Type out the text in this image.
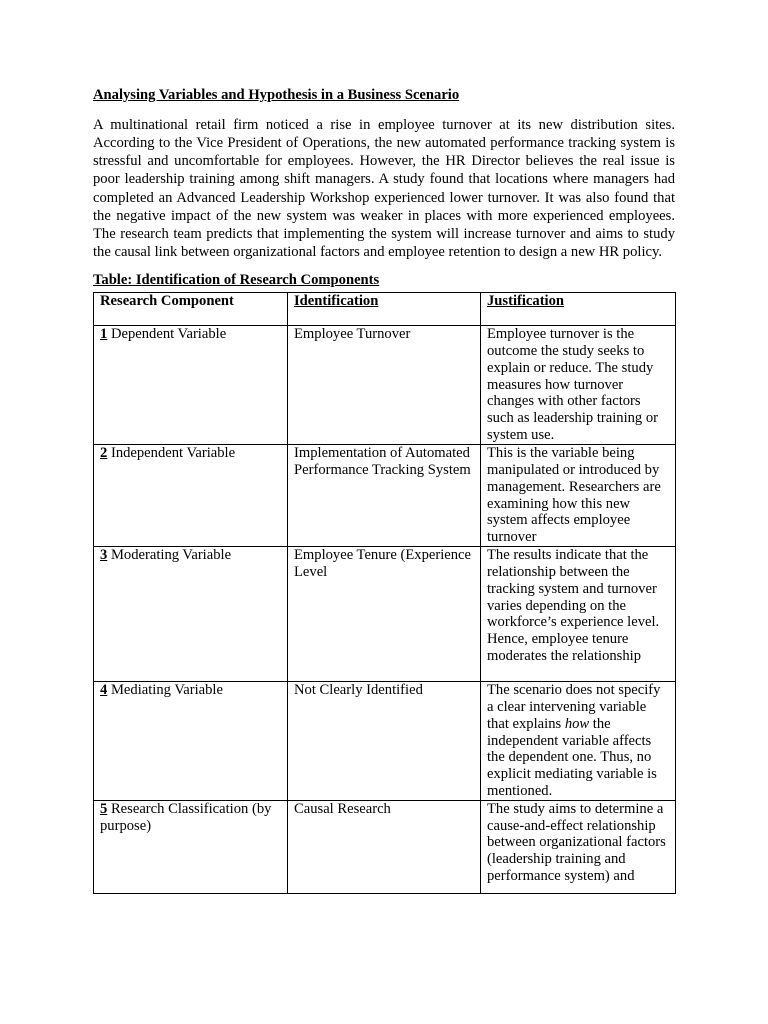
Analysing Variables and Hypothesis in a Business Scenario

A multinational retail firm noticed a rise in employee turnover at its new distribution sites. According to the Vice President of Operations, the new automated performance tracking system is stressful and uncomfortable for employees. However, the HR Director believes the real issue is poor leadership training among shift managers. A study found that locations where managers had completed an Advanced Leadership Workshop experienced lower turnover. It was also found that the negative impact of the new system was weaker in places with more experienced employees. The research team predicts that implementing the system will increase turnover and aims to study the causal link between organizational factors and employee retention to design a new HR policy.

Table: Identification of Research Components
Research Component	Identification	Justification
1 Dependent Variable	Employee Turnover	Employee turnover is the outcome the study seeks to explain or reduce. The study measures how turnover changes with other factors such as leadership training or system use.
2 Independent Variable	Implementation of Automated Performance Tracking System	This is the variable being manipulated or introduced by management. Researchers are examining how this new system affects employee turnover
3 Moderating Variable	Employee Tenure (Experience Level	The results indicate that the relationship between the tracking system and turnover varies depending on the workforce’s experience level. Hence, employee tenure moderates the relationship
4 Mediating Variable	Not Clearly Identified	The scenario does not specify a clear intervening variable that explains how the independent variable affects the dependent one. Thus, no explicit mediating variable is mentioned.
5 Research Classification (by purpose)	Causal Research	The study aims to determine a cause-and-effect relationship between organizational factors (leadership training and performance system) and
